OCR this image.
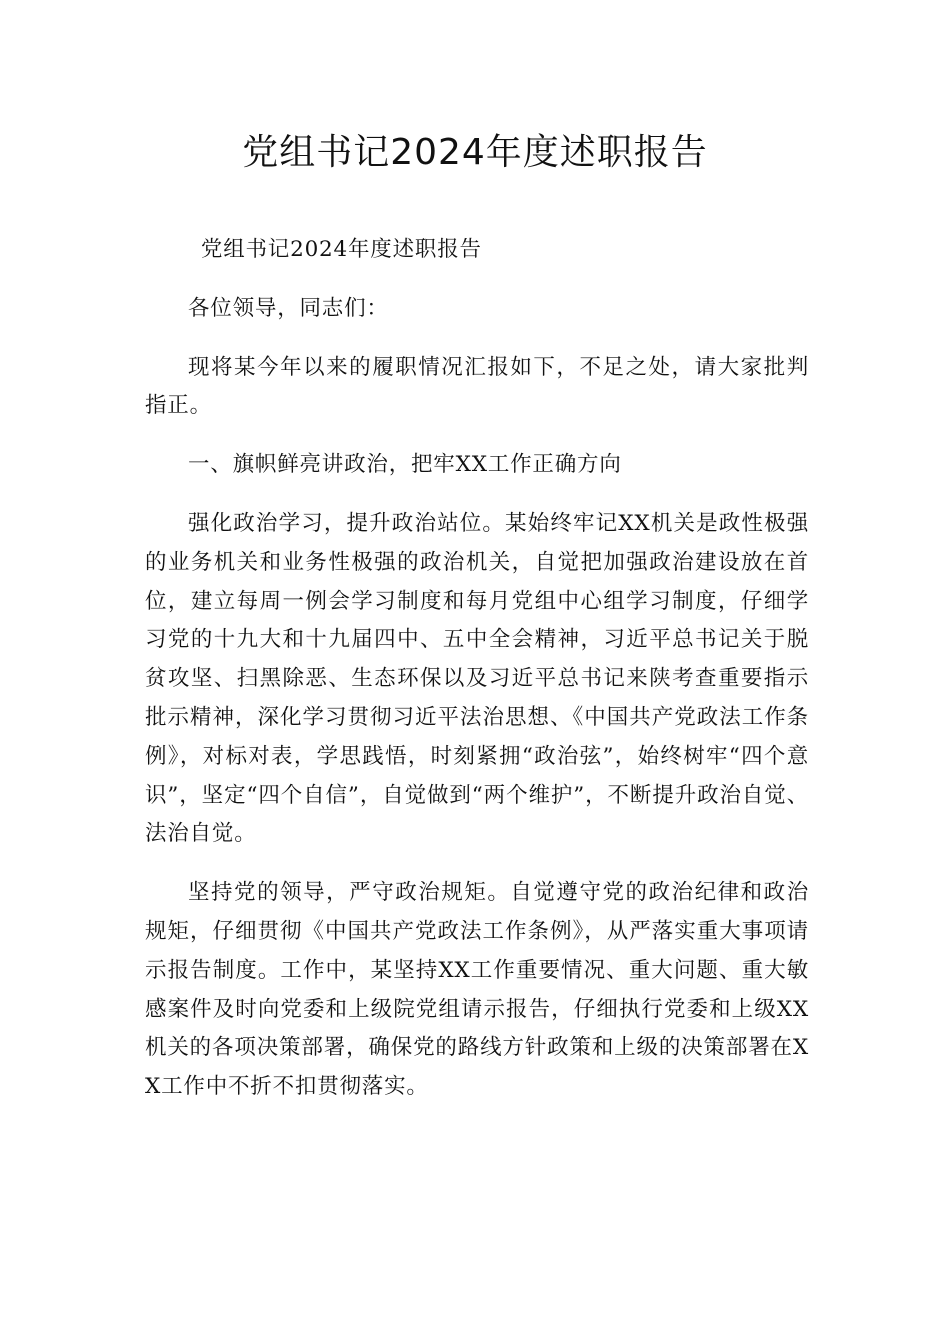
党组书记2024年度述职报告

党组书记2024年度述职报告

各位领导，同志们：

现将某今年以来的履职情况汇报如下，不足之处，请大家批判指正。

一、旗帜鲜亮讲政治，把牢XX工作正确方向

强化政治学习，提升政治站位。某始终牢记XX机关是政性极强的业务机关和业务性极强的政治机关，自觉把加强政治建设放在首位，建立每周一例会学习制度和每月党组中心组学习制度，仔细学习党的十九大和十九届四中、五中全会精神，习近平总书记关于脱贫攻坚、扫黑除恶、生态环保以及习近平总书记来陕考查重要指示批示精神，深化学习贯彻习近平法治思想、《中国共产党政法工作条例》，对标对表，学思践悟，时刻紧拥“政治弦”，始终树牢“四个意识”，坚定“四个自信”，自觉做到“两个维护”，不断提升政治自觉、法治自觉。

坚持党的领导，严守政治规矩。自觉遵守党的政治纪律和政治规矩，仔细贯彻《中国共产党政法工作条例》，从严落实重大事项请示报告制度。工作中，某坚持XX工作重要情况、重大问题、重大敏感案件及时向党委和上级院党组请示报告，仔细执行党委和上级XX机关的各项决策部署，确保党的路线方针政策和上级的决策部署在XX工作中不折不扣贯彻落实。
